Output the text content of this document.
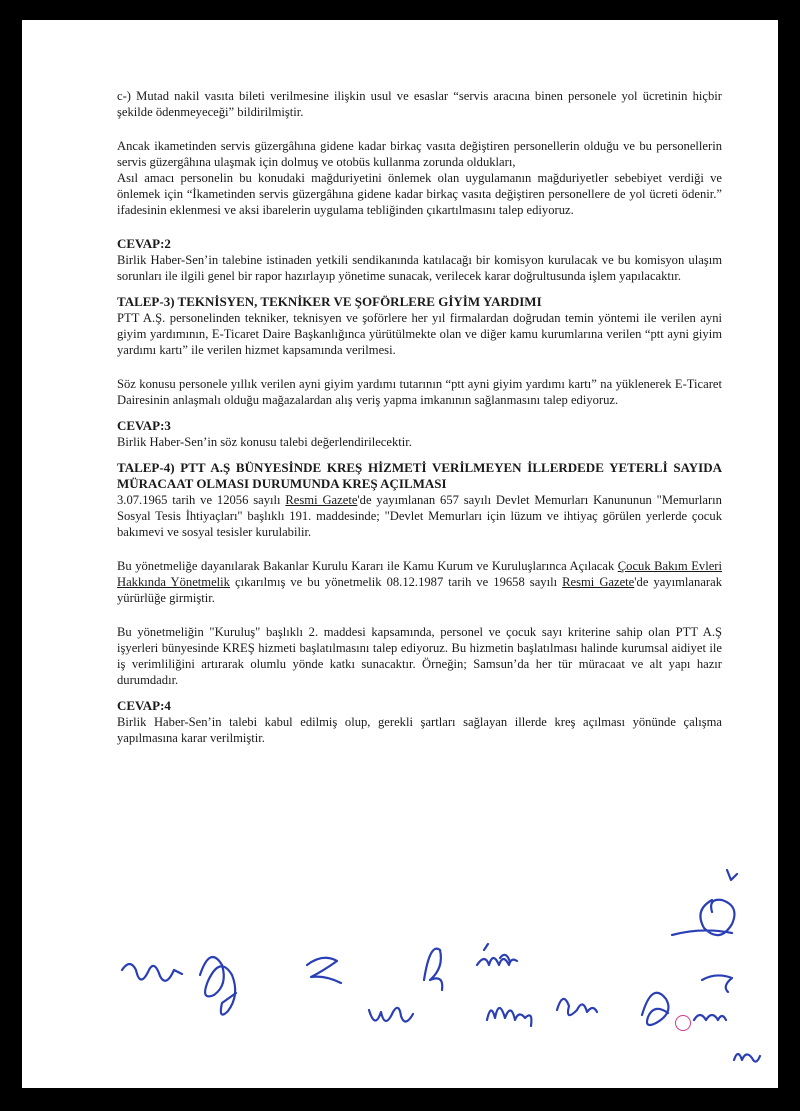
c-) Mutad nakil vasıta bileti verilmesine ilişkin usul ve esaslar “servis aracına binen personele yol ücretinin hiçbir şekilde ödenmeyeceği” bildirilmiştir.

Ancak ikametinden servis güzergâhına gidene kadar birkaç vasıta değiştiren personellerin olduğu ve bu personellerin servis güzergâhına ulaşmak için dolmuş ve otobüs kullanma zorunda oldukları,

Asıl amacı personelin bu konudaki mağduriyetini önlemek olan uygulamanın mağduriyetler sebebiyet verdiği ve önlemek için “İkametinden servis güzergâhına gidene kadar birkaç vasıta değiştiren personellere de yol ücreti ödenir.” ifadesinin eklenmesi ve aksi ibarelerin uygulama tebliğinden çıkartılmasını talep ediyoruz.

CEVAP:2

Birlik Haber-Sen’in talebine istinaden yetkili sendikanında katılacağı bir komisyon kurulacak ve bu komisyon ulaşım sorunları ile ilgili genel bir rapor hazırlayıp yönetime sunacak, verilecek karar doğrultusunda işlem yapılacaktır.

TALEP-3) TEKNİSYEN, TEKNİKER VE ŞOFÖRLERE GİYİM YARDIMI

PTT A.Ş. personelinden tekniker, teknisyen ve şoförlere her yıl firmalardan doğrudan temin yöntemi ile verilen ayni giyim yardımının, E-Ticaret Daire Başkanlığınca yürütülmekte olan ve diğer kamu kurumlarına verilen “ptt ayni giyim yardımı kartı” ile verilen hizmet kapsamında verilmesi.

Söz konusu personele yıllık verilen ayni giyim yardımı tutarının “ptt ayni giyim yardımı kartı” na yüklenerek E-Ticaret Dairesinin anlaşmalı olduğu mağazalardan alış veriş yapma imkanının sağlanmasını talep ediyoruz.

CEVAP:3

Birlik Haber-Sen’in söz konusu talebi değerlendirilecektir.

TALEP-4) PTT A.Ş BÜNYESİNDE KREŞ HİZMETİ VERİLMEYEN İLLERDEDE YETERLİ SAYIDA MÜRACAAT OLMASI DURUMUNDA KREŞ AÇILMASI

3.07.1965 tarih ve 12056 sayılı Resmi Gazete'de yayımlanan 657 sayılı Devlet Memurları Kanununun "Memurların Sosyal Tesis İhtiyaçları" başlıklı 191. maddesinde; "Devlet Memurları için lüzum ve ihtiyaç görülen yerlerde çocuk bakımevi ve sosyal tesisler kurulabilir.

Bu yönetmeliğe dayanılarak Bakanlar Kurulu Kararı ile Kamu Kurum ve Kuruluşlarınca Açılacak Çocuk Bakım Evleri Hakkında Yönetmelik çıkarılmış ve bu yönetmelik 08.12.1987 tarih ve 19658 sayılı Resmi Gazete'de yayımlanarak yürürlüğe girmiştir.

Bu yönetmeliğin "Kuruluş" başlıklı 2. maddesi kapsamında, personel ve çocuk sayı kriterine sahip olan PTT A.Ş işyerleri bünyesinde KREŞ hizmeti başlatılmasını talep ediyoruz. Bu hizmetin başlatılması halinde kurumsal aidiyet ile iş verimliliğini artırarak olumlu yönde katkı sunacaktır. Örneğin; Samsun’da her tür müracaat ve alt yapı hazır durumdadır.

CEVAP:4

Birlik Haber-Sen’in talebi kabul edilmiş olup, gerekli şartları sağlayan illerde kreş açılması yönünde çalışma yapılmasına karar verilmiştir.
